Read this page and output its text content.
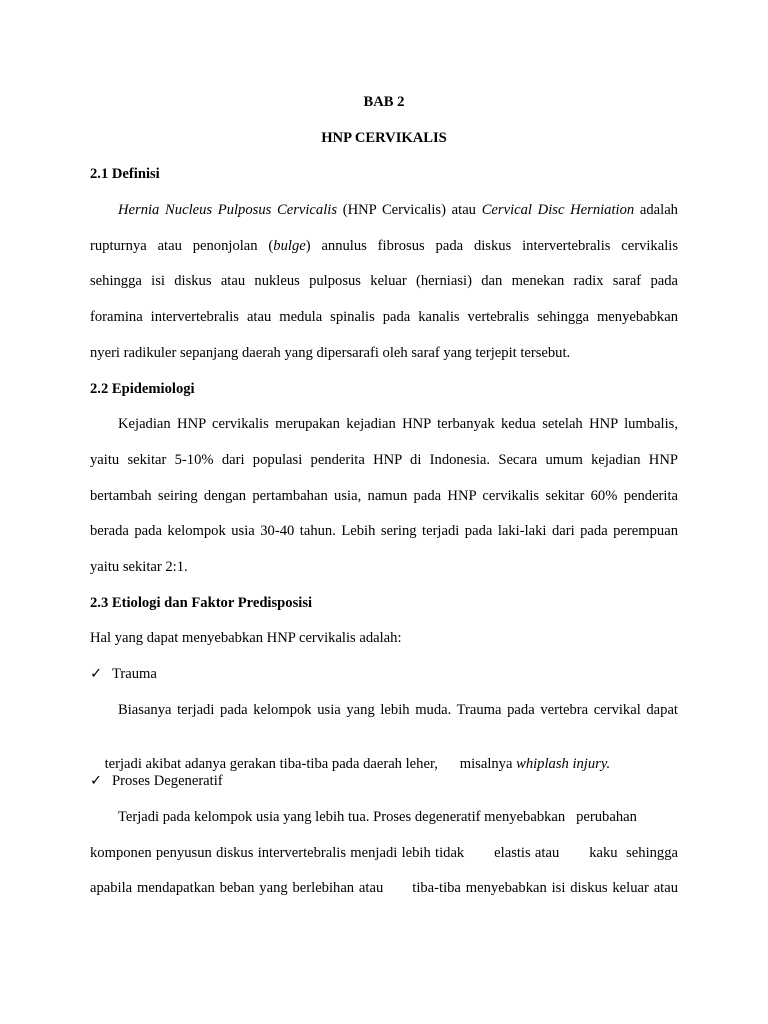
BAB 2
HNP CERVIKALIS
2.1 Definisi
Hernia Nucleus Pulposus Cervicalis (HNP Cervicalis) atau Cervical Disc Herniation adalah
rupturnya atau penonjolan (bulge) annulus fibrosus pada diskus intervertebralis cervikalis
sehingga isi diskus atau nukleus pulposus keluar (herniasi) dan menekan radix saraf pada
foramina intervertebralis atau medula spinalis pada kanalis vertebralis sehingga menyebabkan
nyeri radikuler sepanjang daerah yang dipersarafi oleh saraf yang terjepit tersebut.
2.2 Epidemiologi
Kejadian HNP cervikalis merupakan kejadian HNP terbanyak kedua setelah HNP lumbalis,
yaitu sekitar 5-10% dari populasi penderita HNP di Indonesia. Secara umum kejadian HNP
bertambah seiring dengan pertambahan usia, namun pada HNP cervikalis sekitar 60% penderita
berada pada kelompok usia 30-40 tahun. Lebih sering terjadi pada laki-laki dari pada perempuan
yaitu sekitar 2:1.
2.3 Etiologi dan Faktor Predisposisi
Hal yang dapat menyebabkan HNP cervikalis adalah:
✓ Trauma
Biasanya terjadi pada kelompok usia yang lebih muda. Trauma pada vertebra cervikal dapat

terjadi akibat adanya gerakan tiba-tiba pada daerah leher,      misalnya whiplash injury.

✓ Proses Degeneratif
Terjadi pada kelompok usia yang lebih tua. Proses degeneratif menyebabkan   perubahan
komponen penyusun diskus intervertebralis menjadi lebih tidak       elastis atau       kaku  sehingga
apabila mendapatkan beban yang berlebihan atau      tiba-tiba menyebabkan isi diskus keluar atau
